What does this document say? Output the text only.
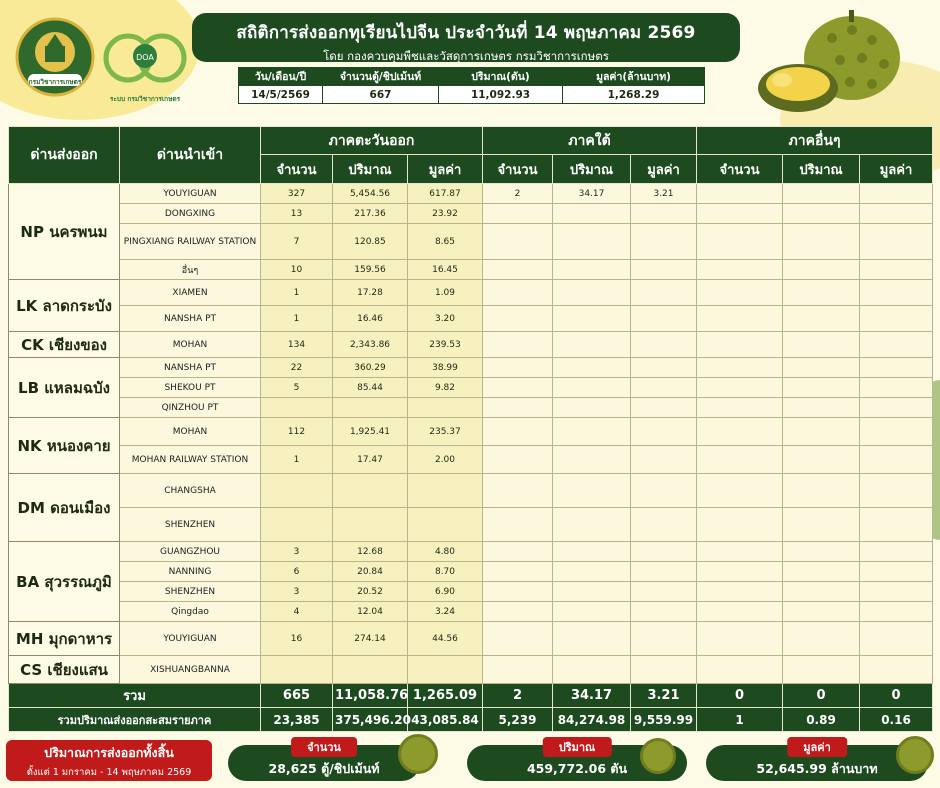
กรมวิชาการเกษตร
DOA
ระบบ กรมวิชาการเกษตร
สถิติการส่งออกทุเรียนไปจีน ประจำวันที่ 14 พฤษภาคม 2569
โดย กองควบคุมพืชและวัสดุการเกษตร กรมวิชาการเกษตร
วัน/เดือน/ปี	จำนวนตู้/ชิปเม้นท์	ปริมาณ(ตัน)	มูลค่า(ล้านบาท)
14/5/2569	667	11,092.93	1,268.29
ด่านส่งออก	ด่านนำเข้า	ภาคตะวันออก			ภาคใต้			ภาคอื่นๆ		
		จำนวน	ปริมาณ	มูลค่า	จำนวน	ปริมาณ	มูลค่า	จำนวน	ปริมาณ	มูลค่า
NP นครพนม	YOUYIGUAN	327	5,454.56	617.87	2	34.17	3.21			
	DONGXING	13	217.36	23.92						
	PINGXIANG RAILWAY STATION	7	120.85	8.65						
	อื่นๆ	10	159.56	16.45						
LK ลาดกระบัง	XIAMEN	1	17.28	1.09						
	NANSHA PT	1	16.46	3.20						
CK เชียงของ	MOHAN	134	2,343.86	239.53						
LB แหลมฉบัง	NANSHA PT	22	360.29	38.99						
	SHEKOU PT	5	85.44	9.82						
	QINZHOU PT									
NK หนองคาย	MOHAN	112	1,925.41	235.37						
	MOHAN RAILWAY STATION	1	17.47	2.00						
DM ดอนเมือง	CHANGSHA									
	SHENZHEN									
BA สุวรรณภูมิ	GUANGZHOU	3	12.68	4.80						
	NANNING	6	20.84	8.70						
	SHENZHEN	3	20.52	6.90						
	Qingdao	4	12.04	3.24						
MH มุกดาหาร	YOUYIGUAN	16	274.14	44.56						
CS เชียงแสน	XISHUANGBANNA									
รวม		665	11,058.76	1,265.09	2	34.17	3.21	0	0	0
รวมปริมาณส่งออกสะสมรายภาค		23,385	375,496.20	43,085.84	5,239	84,274.98	9,559.99	1	0.89	0.16
ปริมาณการส่งออกทั้งสิ้น
ตั้งแต่ 1 มกราคม - 14 พฤษภาคม 2569
จำนวน
28,625 ตู้/ชิปเม้นท์
ปริมาณ
459,772.06 ตัน
มูลค่า
52,645.99 ล้านบาท
